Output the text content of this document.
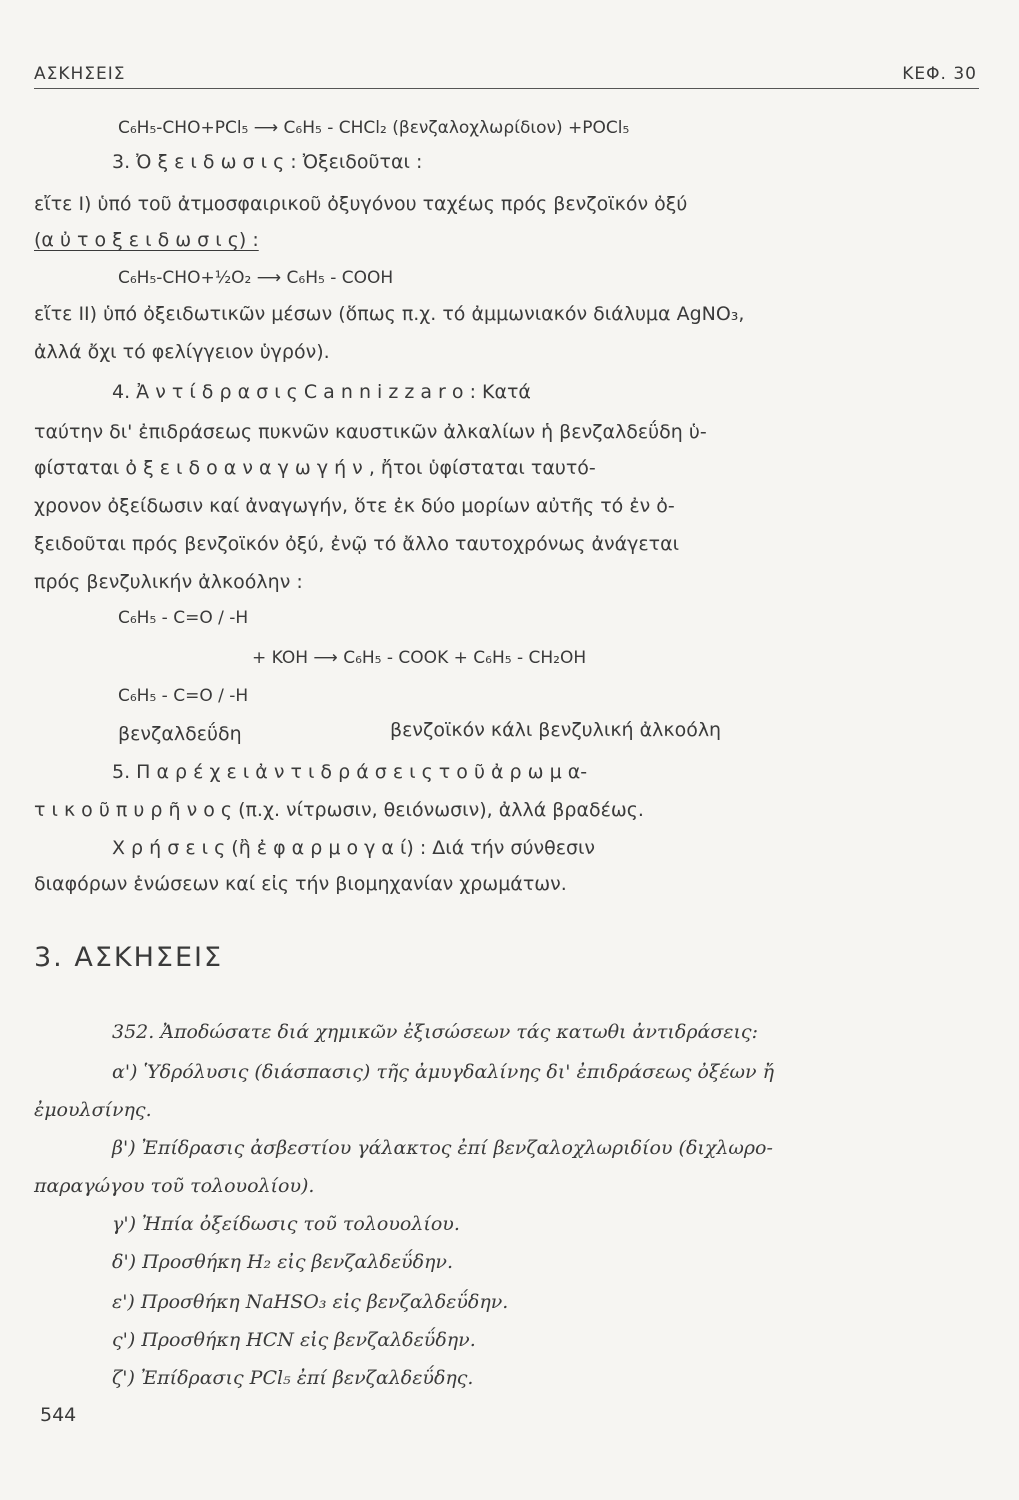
ΑΣΚΗΣΕΙΣ	ΚΕΦ. 30
C₆H₅-CHO+PCl₅ ⟶ C₆H₅ - CHCl₂ (βενζαλοχλωρίδιον) +POCl₅
3. Ὀ ξ ε ι δ ω σ ι ς : Ὀξειδοῦται :
εἴτε I) ὑπό τοῦ ἀτμοσφαιρικοῦ ὀξυγόνου ταχέως πρός βενζοϊκόν ὀξύ
(α ὐ τ ο ξ ε ι δ ω σ ι ς) :
C₆H₅-CHO+½O₂ ⟶ C₆H₅ - COOH
εἴτε II) ὑπό ὀξειδωτικῶν μέσων (ὅπως π.χ. τό ἀμμωνιακόν διάλυμα AgNO₃,
ἀλλά ὄχι τό φελίγγειον ὑγρόν).
4. Ἀ ν τ ί δ ρ α σ ι ς C a n n i z z a r o : Κατά
ταύτην δι' ἐπιδράσεως πυκνῶν καυστικῶν ἀλκαλίων ἡ βενζαλδεΰδη ὑ-
φίσταται ὀ ξ ε ι δ ο α ν α γ ω γ ή ν , ἤτοι ὑφίσταται ταυτό-
χρονον ὀξείδωσιν καί ἀναγωγήν, ὅτε ἐκ δύο μορίων αὐτῆς τό ἐν ὀ-
ξειδοῦται πρός βενζοϊκόν ὀξύ, ἐνῷ τό ἄλλο ταυτοχρόνως ἀνάγεται
πρός βενζυλικήν ἀλκοόλην :
C₆H₅ - C=O / -H
+ KOH ⟶ C₆H₅ - COOK + C₆H₅ - CH₂OH
C₆H₅ - C=O / -H
βενζαλδεΰδη	βενζοϊκόν κάλι βενζυλική ἀλκοόλη
5. Π α ρ έ χ ε ι ἀ ν τ ι δ ρ ά σ ε ι ς τ ο ῦ ἀ ρ ω μ α-
τ ι κ ο ῦ π υ ρ ῆ ν ο ς (π.χ. νίτρωσιν, θειόνωσιν), ἀλλά βραδέως.
Χ ρ ή σ ε ι ς (ἢ ἐ φ α ρ μ ο γ α ί) : Διά τήν σύνθεσιν
διαφόρων ἑνώσεων καί εἰς τήν βιομηχανίαν χρωμάτων.
3. ΑΣΚΗΣΕΙΣ
352. Ἀποδώσατε διά χημικῶν ἐξισώσεων τάς κατωθι ἀντιδράσεις:
α') Ὑδρόλυσις (διάσπασις) τῆς ἀμυγδαλίνης δι' ἐπιδράσεως ὀξέων ἤ
ἐμουλσίνης.
β') Ἐπίδρασις ἀσβεστίου γάλακτος ἐπί βενζαλοχλωριδίου (διχλωρο-
παραγώγου τοῦ τολουολίου).
γ') Ἠπία ὀξείδωσις τοῦ τολουολίου.
δ') Προσθήκη H₂ εἰς βενζαλδεΰδην.
ε') Προσθήκη NaHSO₃ εἰς βενζαλδεΰδην.
ς') Προσθήκη HCN εἰς βενζαλδεΰδην.
ζ') Ἐπίδρασις PCl₅ ἐπί βενζαλδεΰδης.
544
